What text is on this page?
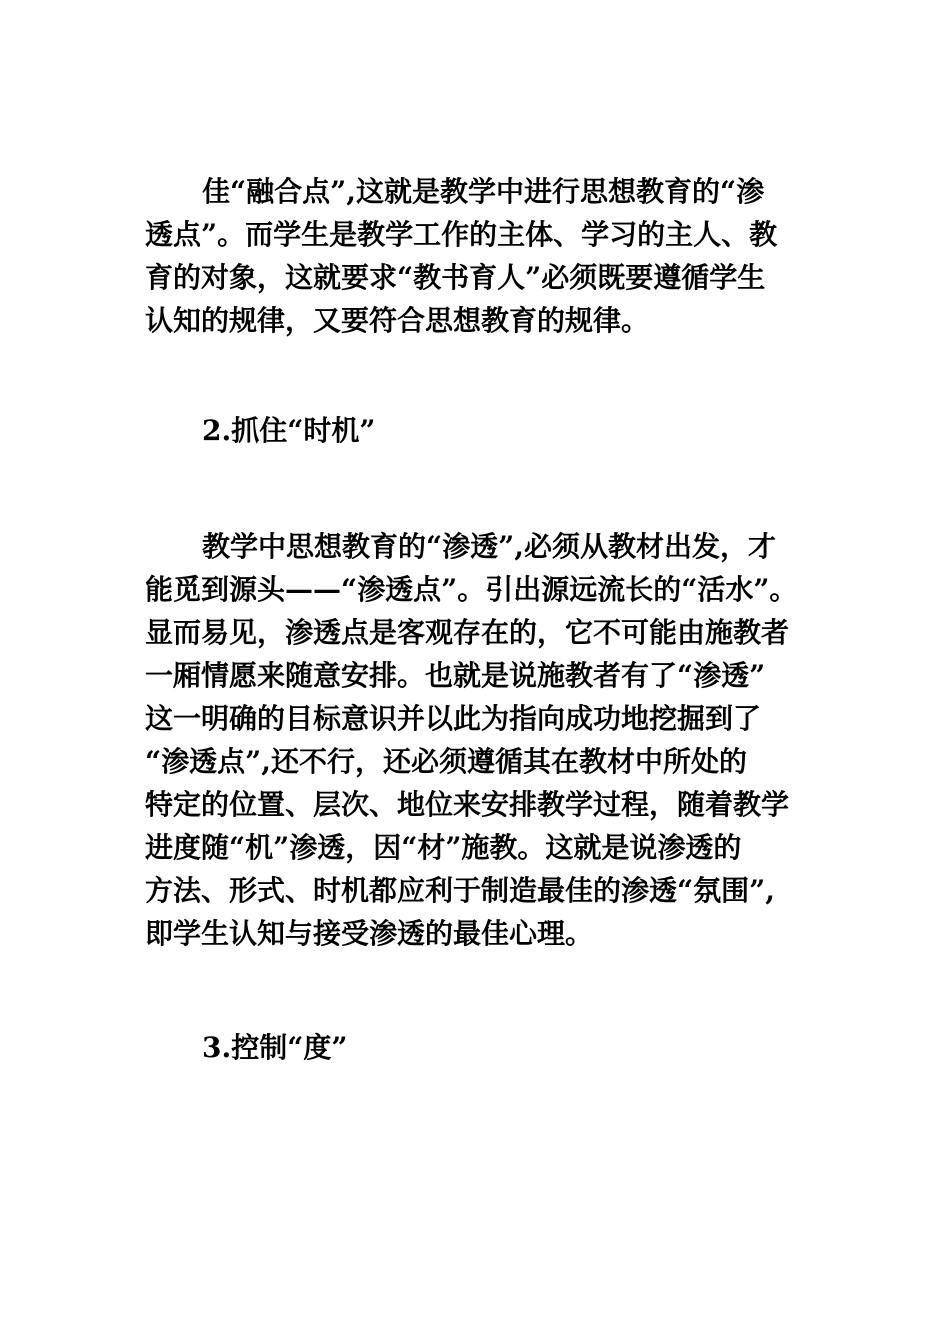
佳“融合点”,这就是教学中进行思想教育的“渗
透点”。而学生是教学工作的主体、学习的主人、教
育的对象，这就要求“教书育人”必须既要遵循学生
认知的规律，又要符合思想教育的规律。
2.抓住“时机”
教学中思想教育的“渗透”,必须从教材出发，才
能觅到源头——“渗透点”。引出源远流长的“活水”。
显而易见，渗透点是客观存在的，它不可能由施教者
一厢情愿来随意安排。也就是说施教者有了“渗透”
这一明确的目标意识并以此为指向成功地挖掘到了
“渗透点”,还不行，还必须遵循其在教材中所处的
特定的位置、层次、地位来安排教学过程，随着教学
进度随“机”渗透，因“材”施教。这就是说渗透的
方法、形式、时机都应利于制造最佳的渗透“氛围”,
即学生认知与接受渗透的最佳心理。
3.控制“度”
